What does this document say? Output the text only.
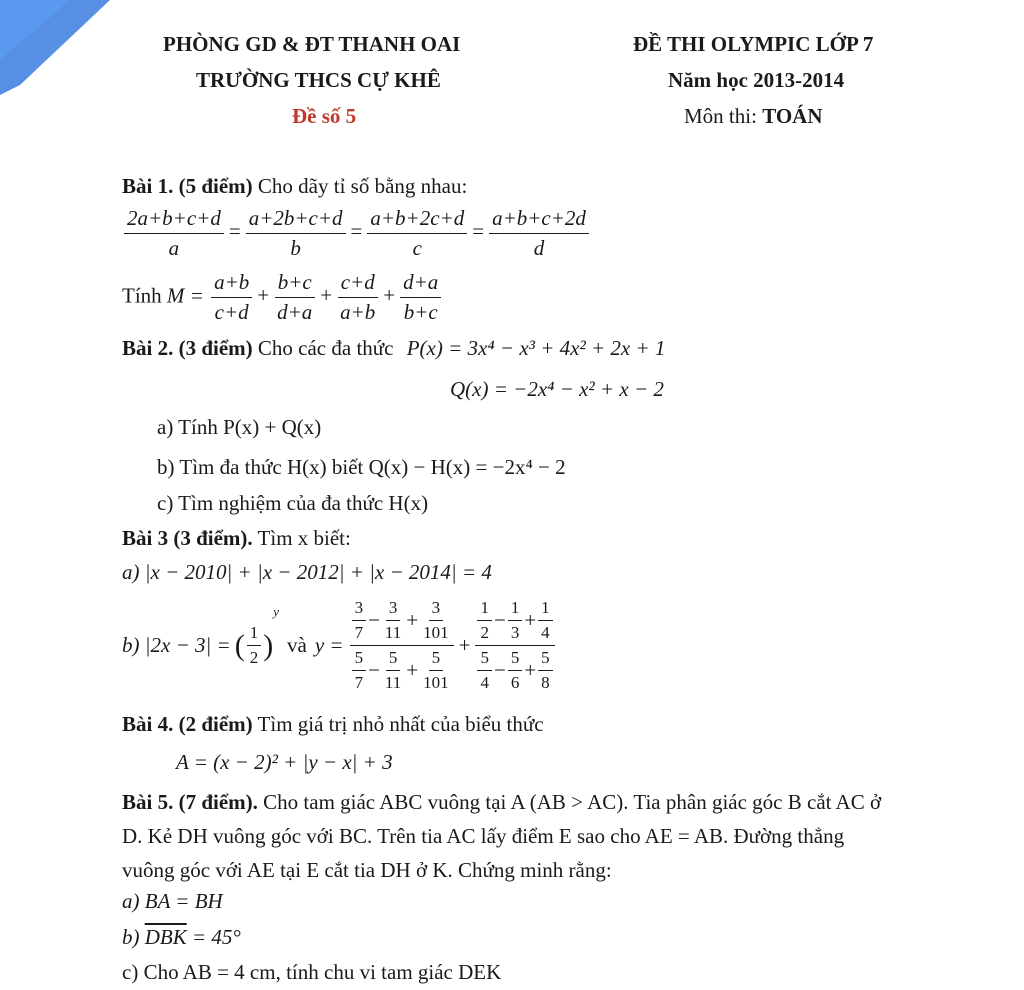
PHÒNG GD & ĐT THANH OAI
TRƯỜNG THCS CỰ KHÊ
Đề số 5
ĐỀ THI OLYMPIC LỚP 7
Năm học 2013-2014
Môn thi: TOÁN
Bài 1. (5 điểm) Cho dãy tỉ số bằng nhau:
$\frac{2a+b+c+d}{a} = \frac{a+2b+c+d}{b} = \frac{a+b+2c+d}{c} = \frac{a+b+c+2d}{d}$
Tính $M = \frac{a+b}{c+d} + \frac{b+c}{d+a} + \frac{c+d}{a+b} + \frac{d+a}{b+c}$
Bài 2. (3 điểm) Cho các đa thức P(x) = 3x⁴ − x³ + 4x² + 2x + 1
Q(x) = −2x⁴ − x² + x − 2
a) Tính P(x) + Q(x)
b) Tìm đa thức H(x) biết Q(x) − H(x) = −2x⁴ − 2
c) Tìm nghiệm của đa thức H(x)
Bài 3 (3 điểm). Tìm x biết:
a) |x − 2010| + |x − 2012| + |x − 2014| = 4
b) |2x − 3| = ( $\frac{1}{2}$ )
y
và $y = \frac{\frac{3}{7} - \frac{3}{11} + \frac{3}{101}}{\frac{5}{7} - \frac{5}{11} + \frac{5}{101}} + \frac{\frac{1}{2} - \frac{1}{3} + \frac{1}{4}}{\frac{5}{4} - \frac{5}{6} + \frac{5}{8}}$
Bài 4. (2 điểm) Tìm giá trị nhỏ nhất của biểu thức
A = (x − 2)² + |y − x| + 3
Bài 5. (7 điểm). Cho tam giác ABC vuông tại A (AB > AC). Tia phân giác góc B cắt AC ở
D. Kẻ DH vuông góc với BC. Trên tia AC lấy điểm E sao cho AE = AB. Đường thẳng
vuông góc với AE tại E cắt tia DH ở K. Chứng minh rằng:
a) BA = BH
b) $\overline{DBK} = 45^\circ$
c) Cho AB = 4 cm, tính chu vi tam giác DEK
